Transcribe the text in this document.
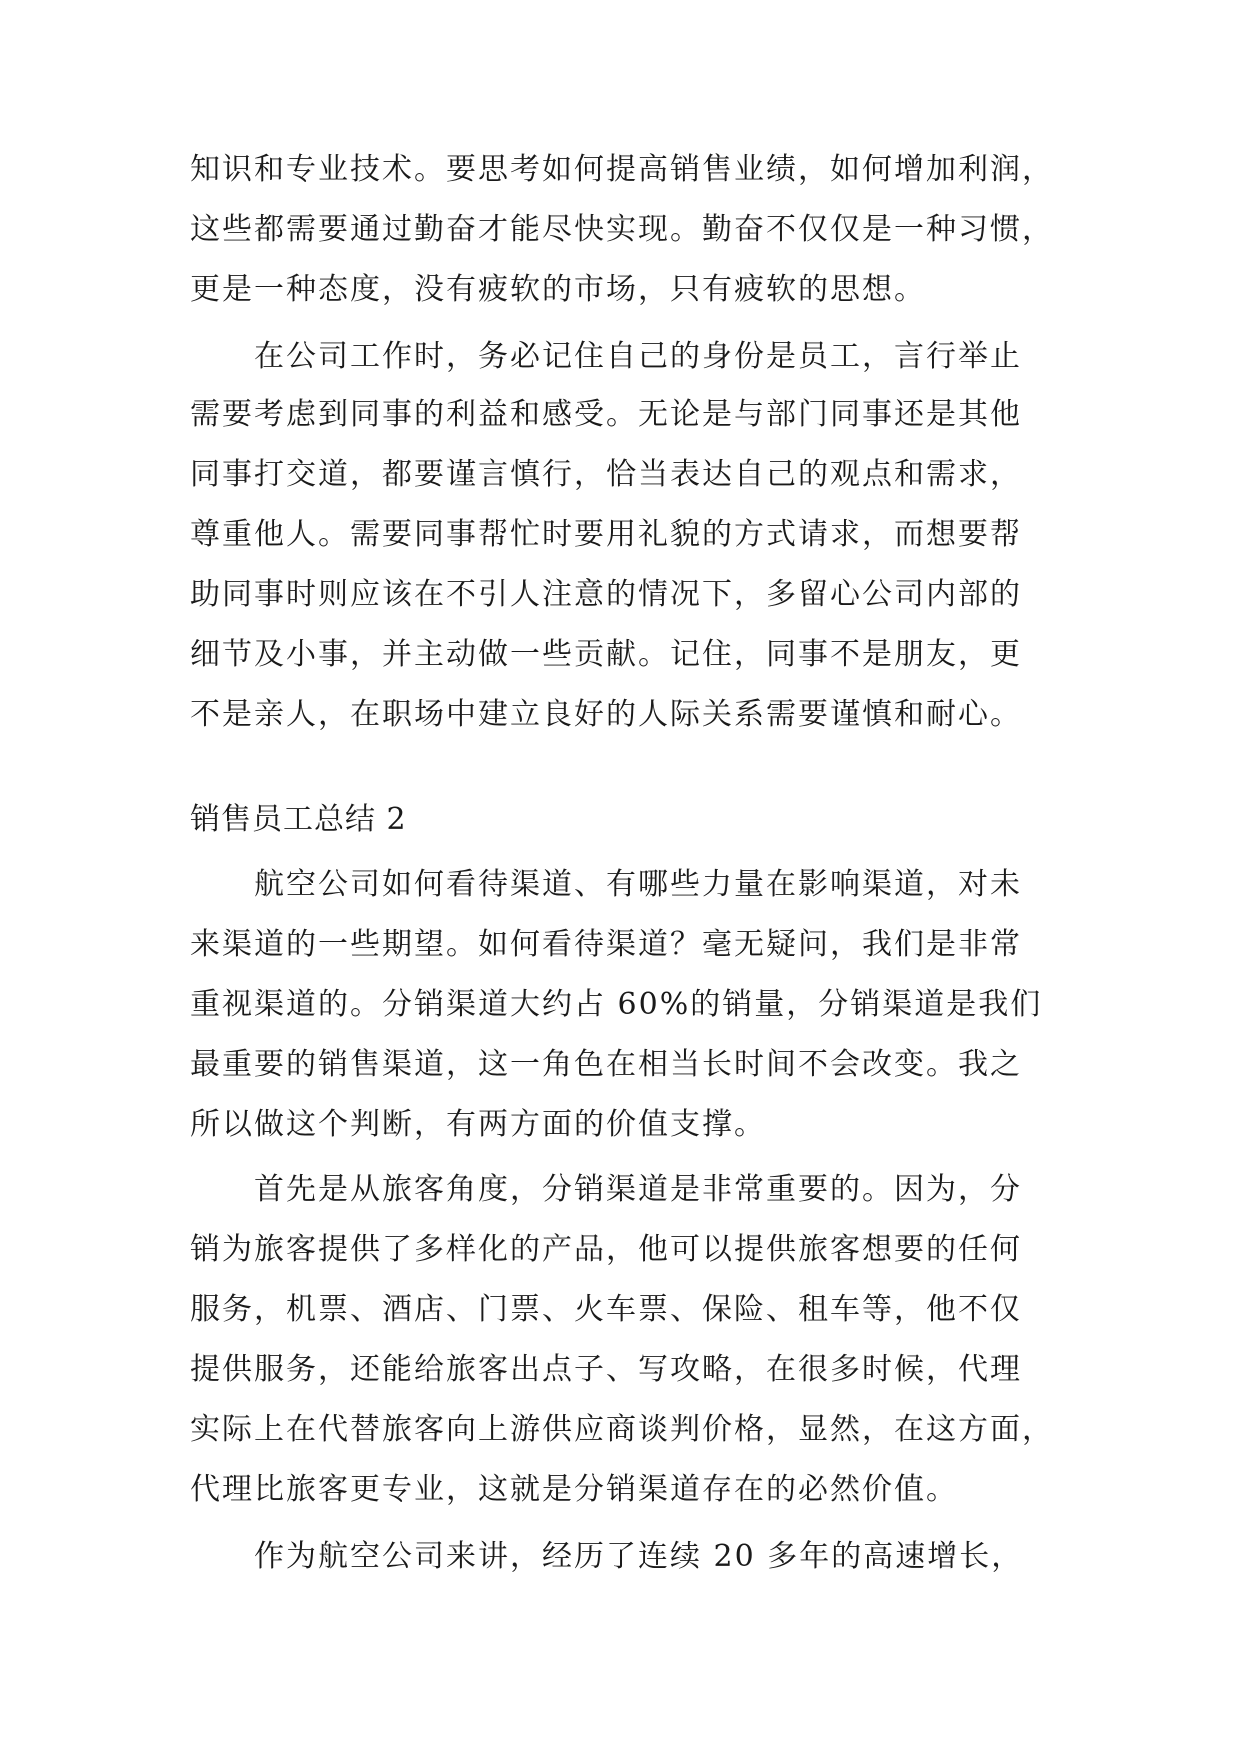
知识和专业技术。要思考如何提高销售业绩，如何增加利润，
这些都需要通过勤奋才能尽快实现。勤奋不仅仅是一种习惯，
更是一种态度，没有疲软的市场，只有疲软的思想。
在公司工作时，务必记住自己的身份是员工，言行举止
需要考虑到同事的利益和感受。无论是与部门同事还是其他
同事打交道，都要谨言慎行，恰当表达自己的观点和需求，
尊重他人。需要同事帮忙时要用礼貌的方式请求，而想要帮
助同事时则应该在不引人注意的情况下，多留心公司内部的
细节及小事，并主动做一些贡献。记住，同事不是朋友，更
不是亲人，在职场中建立良好的人际关系需要谨慎和耐心。
销售员工总结 2
航空公司如何看待渠道、有哪些力量在影响渠道，对未
来渠道的一些期望。如何看待渠道？毫无疑问，我们是非常
重视渠道的。分销渠道大约占 60%的销量，分销渠道是我们
最重要的销售渠道，这一角色在相当长时间不会改变。我之
所以做这个判断，有两方面的价值支撑。
首先是从旅客角度，分销渠道是非常重要的。因为，分
销为旅客提供了多样化的产品，他可以提供旅客想要的任何
服务，机票、酒店、门票、火车票、保险、租车等，他不仅
提供服务，还能给旅客出点子、写攻略，在很多时候，代理
实际上在代替旅客向上游供应商谈判价格，显然，在这方面，
代理比旅客更专业，这就是分销渠道存在的必然价值。
作为航空公司来讲，经历了连续 20 多年的高速增长，
